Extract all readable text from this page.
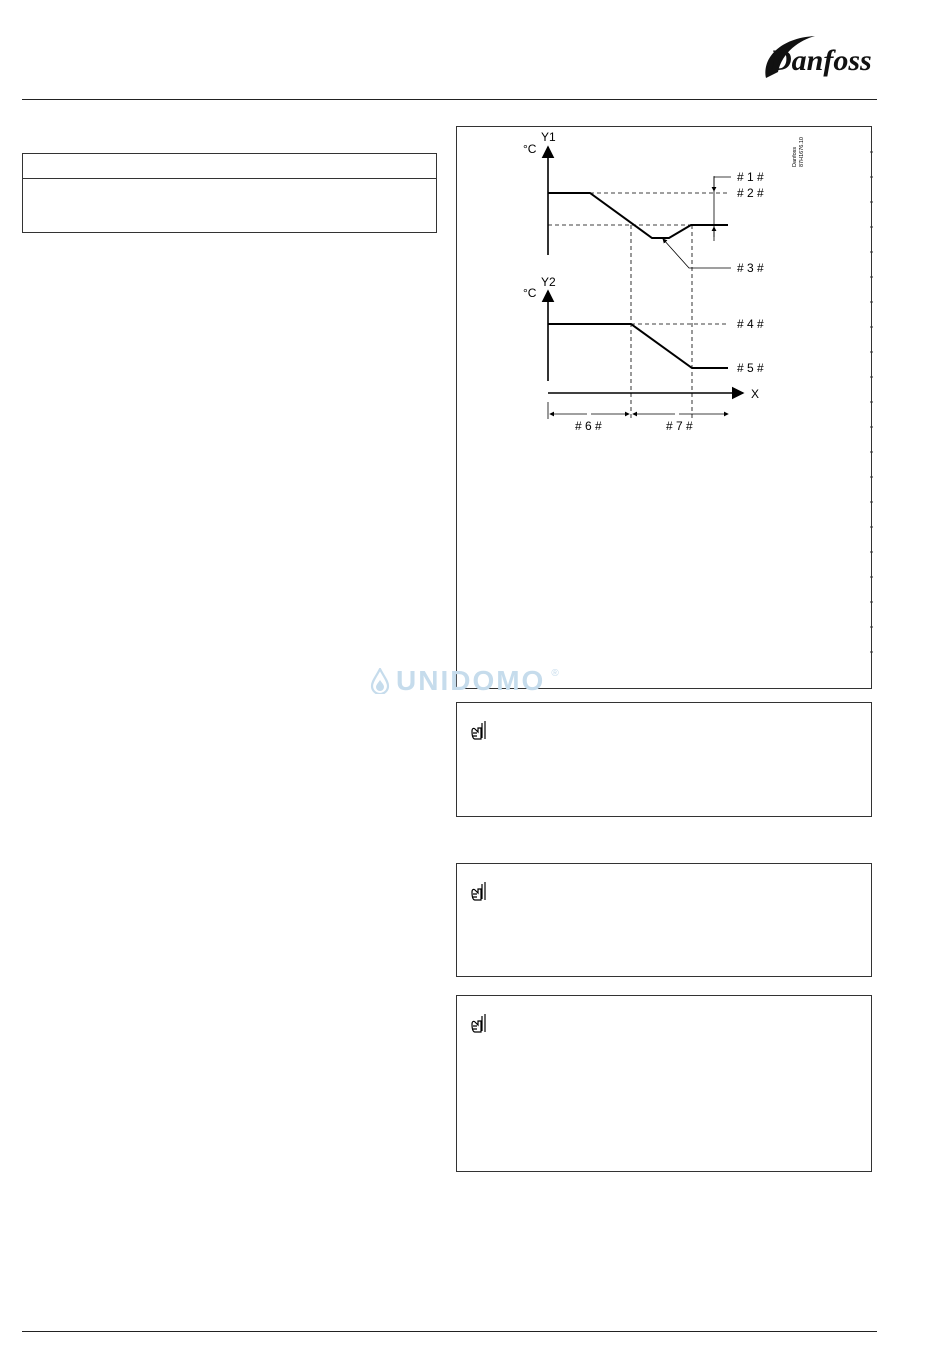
Danfoss
Danfoss 87H1676.10
Y1
°C
# 1 #
# 2 #
# 3 #
Y2
°C
# 4 #
# 5 #
X
# 6 #	# 7 #
UNIDOMO ®
